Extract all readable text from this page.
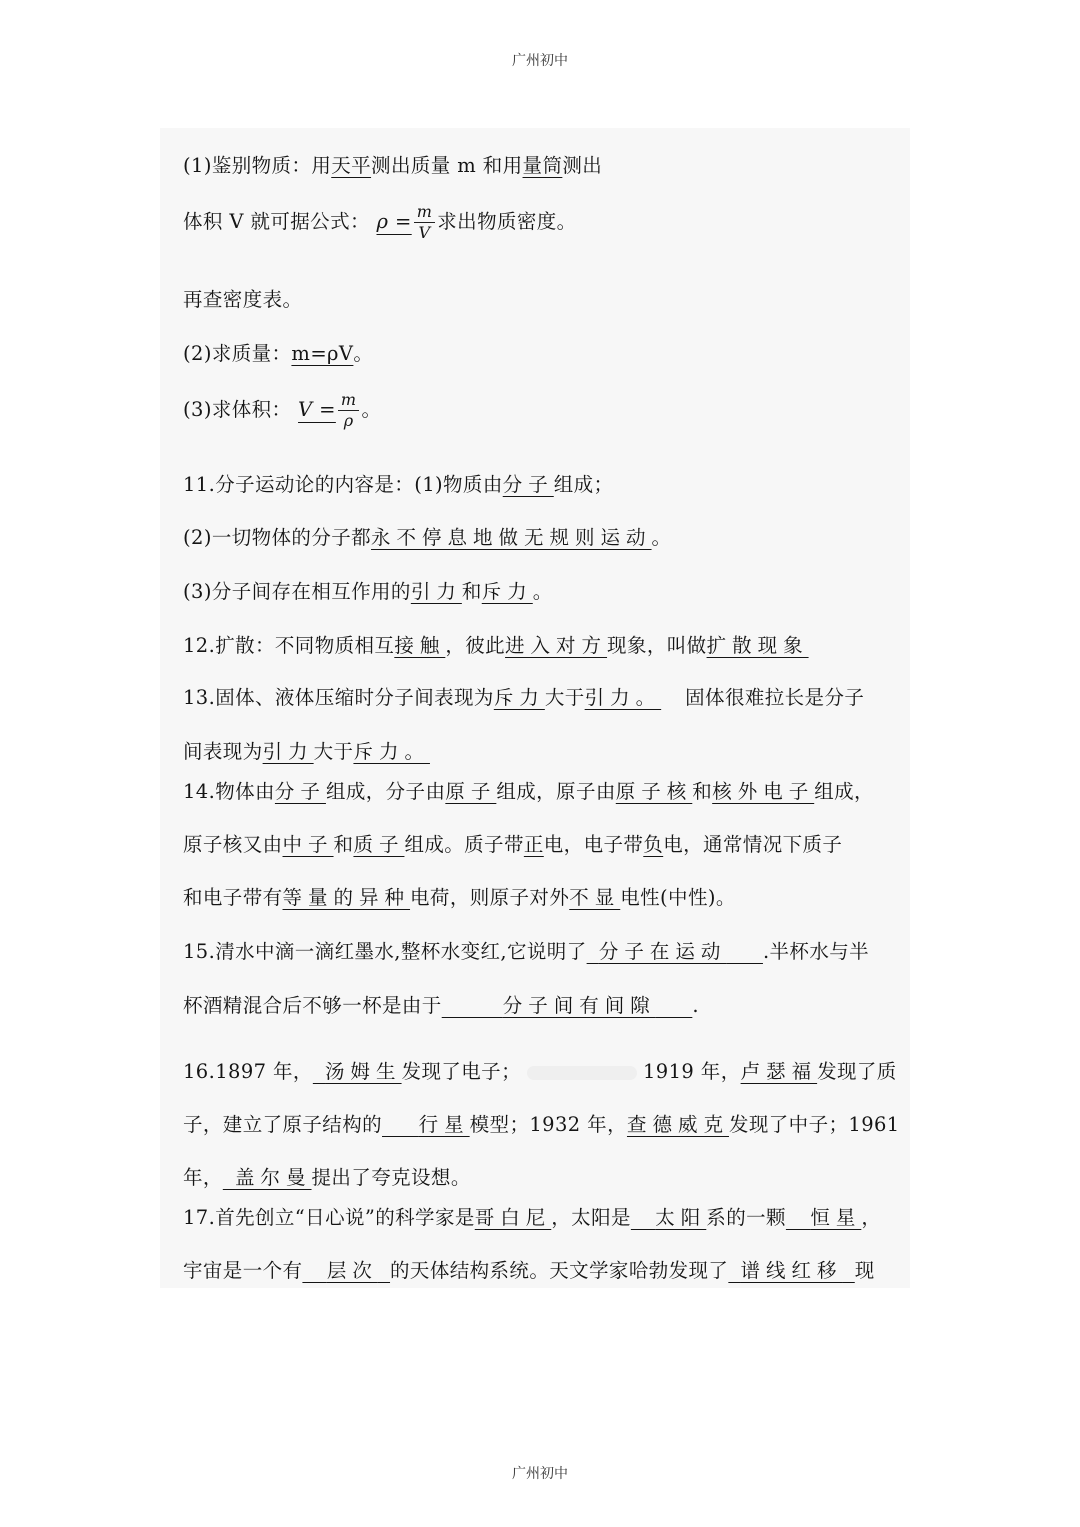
广州初中
(1)鉴别物质：用天平测出质量 m 和用量筒测出
体积 V 就可据公式： $\rho = \frac{m}{V}$ 求出物质密度。
再查密度表。
(2)求质量：m=ρV。
(3)求体积： $V = \frac{m}{\rho}$ 。
11.分子运动论的内容是：(1)物质由分子组成；
(2)一切物体的分子都永不停息地做无规则运动。
(3)分子间存在相互作用的引力和斥力。
12.扩散：不同物质相互接触，彼此进入对方现象，叫做扩散现象
13.固体、液体压缩时分子间表现为斥力大于引力。 固体很难拉长是分子
间表现为引力大于斥力。
14.物体由分子组成，分子由原子组成，原子由原子核和核外电子组成，
原子核又由中子和质子组成。质子带正电，电子带负电，通常情况下质子
和电子带有等量的异种电荷，则原子对外不显电性(中性)。
15.清水中滴一滴红墨水,整杯水变红,它说明了 分子在运动 .半杯水与半
杯酒精混合后不够一杯是由于	分子间有间隙 .
16.1897 年， 汤姆生发现了电子；	1919 年，卢瑟福发现了质
子，建立了原子结构的 行星模型；1932 年，查德威克发现了中子；1961
年， 盖尔曼提出了夸克设想。
17.首先创立“日心说”的科学家是哥白尼，太阳是 太阳系的一颗 恒星，
宇宙是一个有 层次 的天体结构系统。天文学家哈勃发现了 谱线红移 现
广州初中
